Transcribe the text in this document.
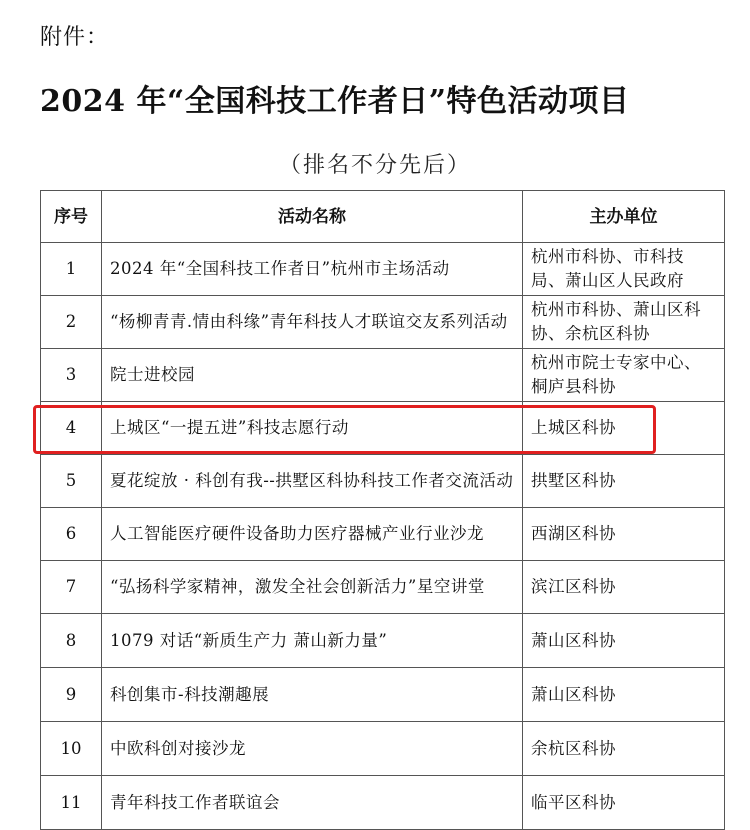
附件：
2024 年“全国科技工作者日”特色活动项目
（排名不分先后）
序号	活动名称	主办单位
1	2024 年“全国科技工作者日”杭州市主场活动	杭州市科协、市科技局、萧山区人民政府
2	“杨柳青青.情由科缘”青年科技人才联谊交友系列活动	杭州市科协、萧山区科协、余杭区科协
3	院士进校园	杭州市院士专家中心、桐庐县科协
4	上城区“一提五进”科技志愿行动	上城区科协
5	夏花绽放 · 科创有我--拱墅区科协科技工作者交流活动	拱墅区科协
6	人工智能医疗硬件设备助力医疗器械产业行业沙龙	西湖区科协
7	“弘扬科学家精神，激发全社会创新活力”星空讲堂	滨江区科协
8	1079 对话“新质生产力 萧山新力量”	萧山区科协
9	科创集市-科技潮趣展	萧山区科协
10	中欧科创对接沙龙	余杭区科协
11	青年科技工作者联谊会	临平区科协
